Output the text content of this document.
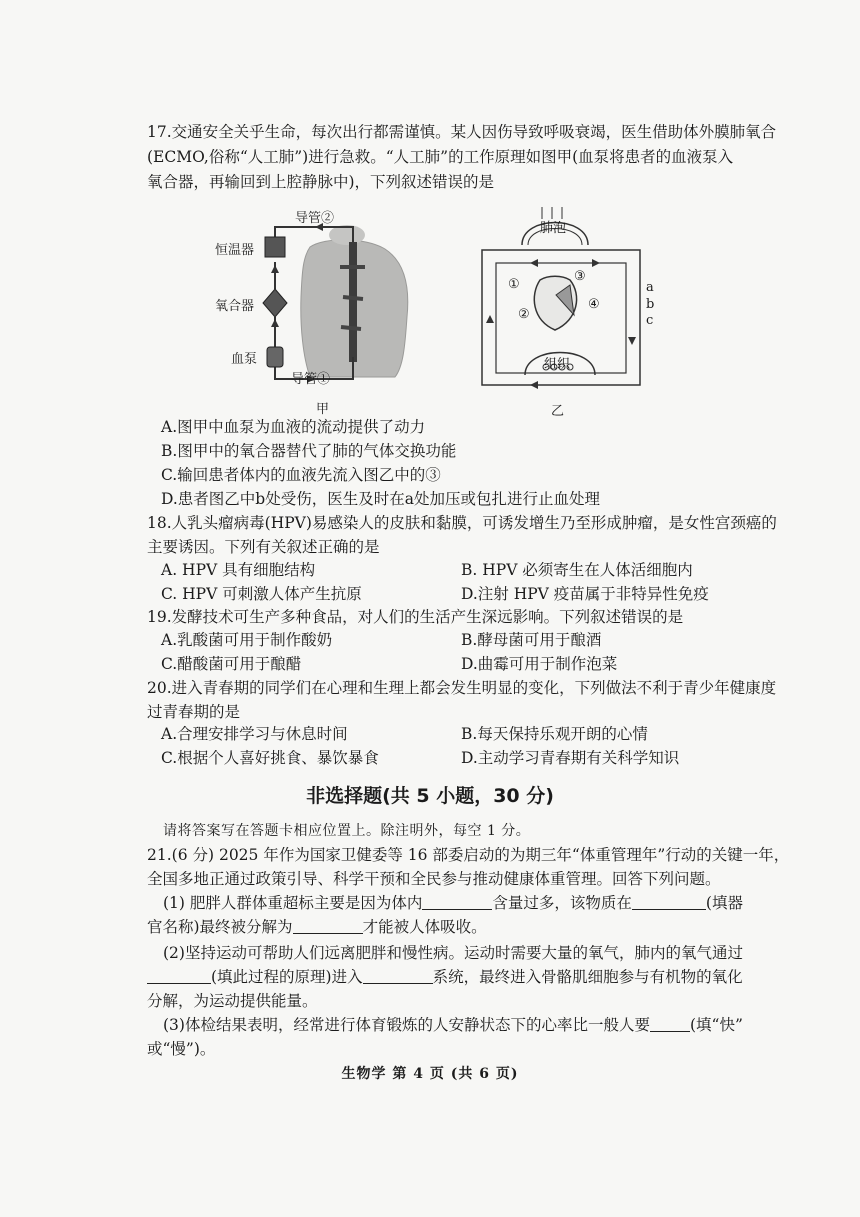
17.交通安全关乎生命，每次出行都需谨慎。某人因伤导致呼吸衰竭，医生借助体外膜肺氧合
(ECMO,俗称“人工肺”)进行急救。“人工肺”的工作原理如图甲(血泵将患者的血液泵入
氧合器，再输回到上腔静脉中)，下列叙述错误的是
导管②
恒温器
氧合器
血泵
导管①
甲
肺泡
组织
①
②
③
④
a
b
c
乙
A.图甲中血泵为血液的流动提供了动力
B.图甲中的氧合器替代了肺的气体交换功能
C.输回患者体内的血液先流入图乙中的③
D.患者图乙中b处受伤，医生及时在a处加压或包扎进行止血处理
18.人乳头瘤病毒(HPV)易感染人的皮肤和黏膜，可诱发增生乃至形成肿瘤，是女性宫颈癌的
主要诱因。下列有关叙述正确的是
A. HPV 具有细胞结构	B. HPV 必须寄生在人体活细胞内
C. HPV 可刺激人体产生抗原	D.注射 HPV 疫苗属于非特异性免疫
19.发酵技术可生产多种食品，对人们的生活产生深远影响。下列叙述错误的是
A.乳酸菌可用于制作酸奶	B.酵母菌可用于酿酒
C.醋酸菌可用于酿醋	D.曲霉可用于制作泡菜
20.进入青春期的同学们在心理和生理上都会发生明显的变化，下列做法不利于青少年健康度
过青春期的是
A.合理安排学习与休息时间	B.每天保持乐观开朗的心情
C.根据个人喜好挑食、暴饮暴食	D.主动学习青春期有关科学知识
非选择题(共 5 小题，30 分)
请将答案写在答题卡相应位置上。除注明外，每空 1 分。
21.(6 分) 2025 年作为国家卫健委等 16 部委启动的为期三年“体重管理年”行动的关键一年，
全国多地正通过政策引导、科学干预和全民参与推动健康体重管理。回答下列问题。
(1) 肥胖人群体重超标主要是因为体内	含量过多，该物质在	(填器
官名称)最终被分解为	才能被人体吸收。
(2)坚持运动可帮助人们远离肥胖和慢性病。运动时需要大量的氧气，肺内的氧气通过
(填此过程的原理)进入	系统，最终进入骨骼肌细胞参与有机物的氧化
分解，为运动提供能量。
(3)体检结果表明，经常进行体育锻炼的人安静状态下的心率比一般人要	(填“快”
或“慢”)。
生物学 第 4 页 (共 6 页)
